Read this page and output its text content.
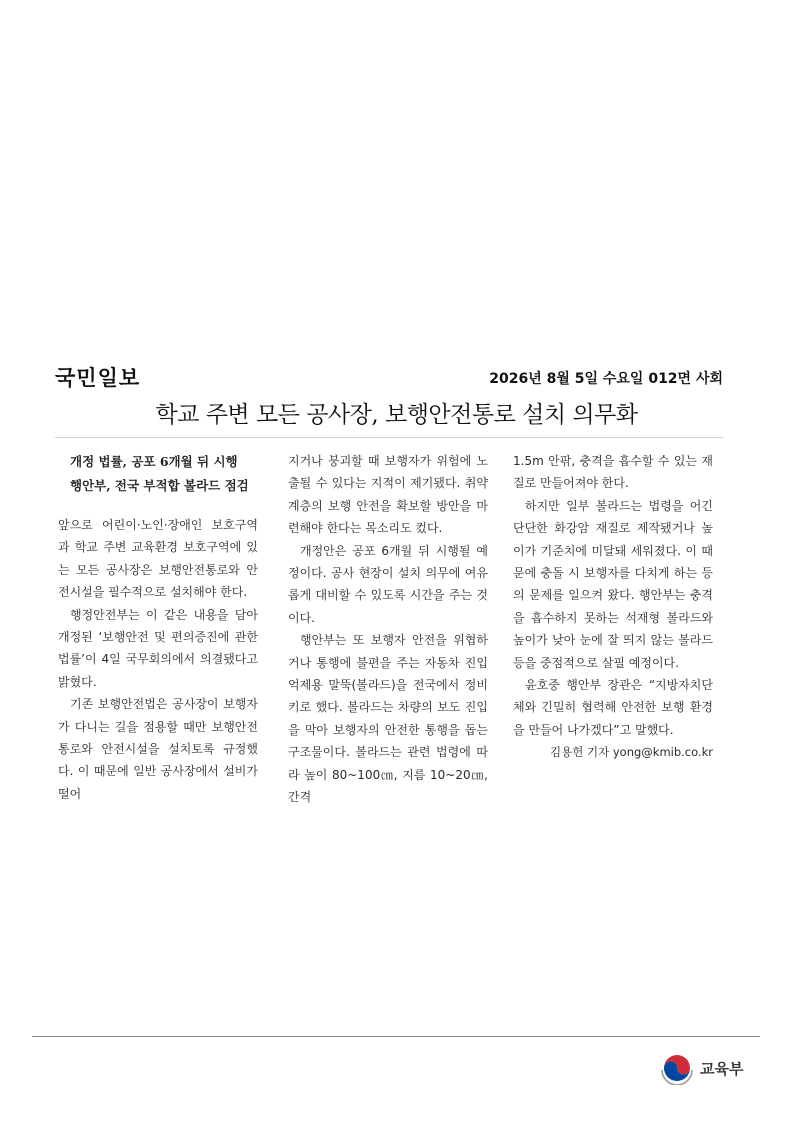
국민일보	2026년 8월 5일 수요일 012면 사회
학교 주변 모든 공사장, 보행안전통로 설치 의무화

개정 법률, 공포 6개월 뒤 시행

행안부, 전국 부적합 볼라드 점검

앞으로 어린이·노인·장애인 보호구역과 학교 주변 교육환경 보호구역에 있는 모든 공사장은 보행안전통로와 안전시설을 필수적으로 설치해야 한다.

행정안전부는 이 같은 내용을 담아 개정된 ‘보행안전 및 편의증진에 관한 법률’이 4일 국무회의에서 의결됐다고 밝혔다.

기존 보행안전법은 공사장이 보행자가 다니는 길을 점용할 때만 보행안전통로와 안전시설을 설치토록 규정했다. 이 때문에 일반 공사장에서 설비가 떨어

지거나 붕괴할 때 보행자가 위험에 노출될 수 있다는 지적이 제기됐다. 취약계층의 보행 안전을 확보할 방안을 마련해야 한다는 목소리도 컸다.

개정안은 공포 6개월 뒤 시행될 예정이다. 공사 현장이 설치 의무에 여유롭게 대비할 수 있도록 시간을 주는 것이다.

행안부는 또 보행자 안전을 위협하거나 통행에 불편을 주는 자동차 진입 억제용 말뚝(볼라드)을 전국에서 정비키로 했다. 볼라드는 차량의 보도 진입을 막아 보행자의 안전한 통행을 돕는 구조물이다. 볼라드는 관련 법령에 따라 높이 80~100㎝, 지름 10~20㎝, 간격

1.5m 안팎, 충격을 흡수할 수 있는 재질로 만들어져야 한다.

하지만 일부 볼라드는 법령을 어긴 단단한 화강암 재질로 제작됐거나 높이가 기준치에 미달돼 세워졌다. 이 때문에 충돌 시 보행자를 다치게 하는 등의 문제를 일으켜 왔다. 행안부는 충격을 흡수하지 못하는 석재형 볼라드와 높이가 낮아 눈에 잘 띄지 않는 볼라드 등을 중점적으로 살필 예정이다.

윤호중 행안부 장관은 “지방자치단체와 긴밀히 협력해 안전한 보행 환경을 만들어 나가겠다”고 말했다.

김용헌 기자 yong@kmib.co.kr

교육부
